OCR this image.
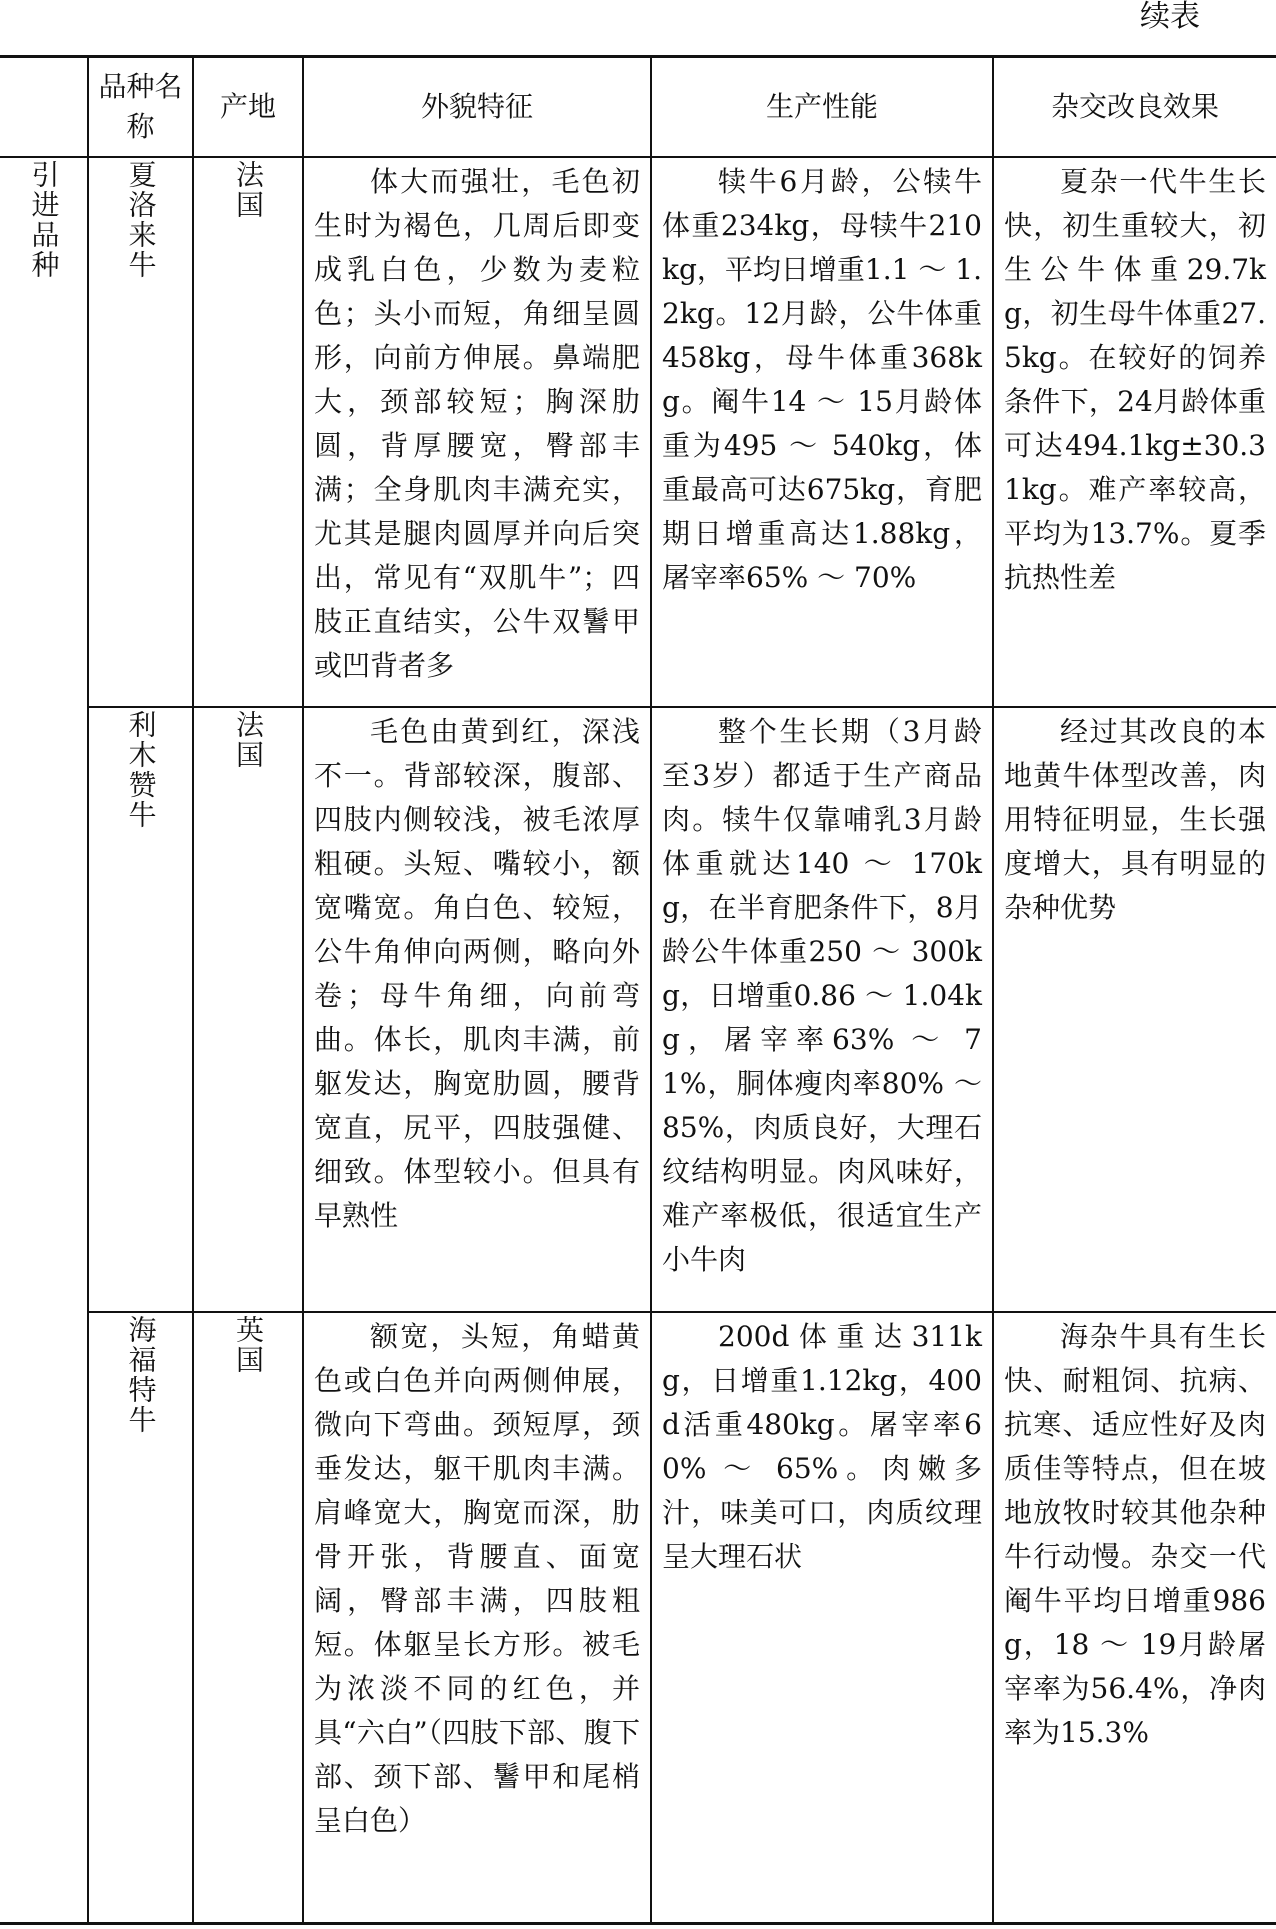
续表
	品种名称	产地	外貌特征	生产性能	杂交改良效果

引进品种	夏洛来牛	法国	体大而强壮，毛色初生时为褐色，几周后即变成乳白色，少数为麦粒色；头小而短，角细呈圆形，向前方伸展。鼻端肥大，颈部较短；胸深肋圆，背厚腰宽，臀部丰满；全身肌肉丰满充实，尤其是腿肉圆厚并向后突出，常见有“双肌牛”；四肢正直结实，公牛双鬐甲或凹背者多	犊牛6月龄，公犊牛体重234kg，母犊牛210kg，平均日增重1.1 ～ 1.2kg。12月龄，公牛体重458kg，母牛体重368kg。阉牛14 ～ 15月龄体重为495 ～ 540kg，体重最高可达675kg，育肥期日增重高达1.88kg，屠宰率65% ～ 70%	夏杂一代牛生长快，初生重较大，初生公牛体重29.7kg，初生母牛体重27.5kg。在较好的饲养条件下，24月龄体重可达494.1kg±30.31kg。难产率较高，平均为13.7%。夏季抗热性差

	利木赞牛	法国	毛色由黄到红，深浅不一。背部较深，腹部、四肢内侧较浅，被毛浓厚粗硬。头短、嘴较小，额宽嘴宽。角白色、较短，公牛角伸向两侧，略向外卷；母牛角细，向前弯曲。体长，肌肉丰满，前躯发达，胸宽肋圆，腰背宽直，尻平，四肢强健、细致。体型较小。但具有早熟性	整个生长期（3月龄至3岁）都适于生产商品肉。犊牛仅靠哺乳3月龄体重就达140 ～ 170kg，在半育肥条件下，8月龄公牛体重250 ～ 300kg，日增重0.86 ～ 1.04kg，屠宰率63% ～ 71%，胴体瘦肉率80% ～ 85%，肉质良好，大理石纹结构明显。肉风味好，难产率极低，很适宜生产小牛肉	经过其改良的本地黄牛体型改善，肉用特征明显，生长强度增大，具有明显的杂种优势

	海福特牛	英国	额宽，头短，角蜡黄色或白色并向两侧伸展，微向下弯曲。颈短厚，颈垂发达，躯干肌肉丰满。肩峰宽大，胸宽而深，肋骨开张，背腰直、面宽阔，臀部丰满，四肢粗短。体躯呈长方形。被毛为浓淡不同的红色，并具“六白”（四肢下部、腹下部、颈下部、鬐甲和尾梢呈白色）	200d体重达311kg，日增重1.12kg，400d活重480kg。屠宰率60% ～ 65%。肉嫩多汁，味美可口，肉质纹理呈大理石状	海杂牛具有生长快、耐粗饲、抗病、抗寒、适应性好及肉质佳等特点，但在坡地放牧时较其他杂种牛行动慢。杂交一代阉牛平均日增重986g，18 ～ 19月龄屠宰率为56.4%，净肉率为15.3%
